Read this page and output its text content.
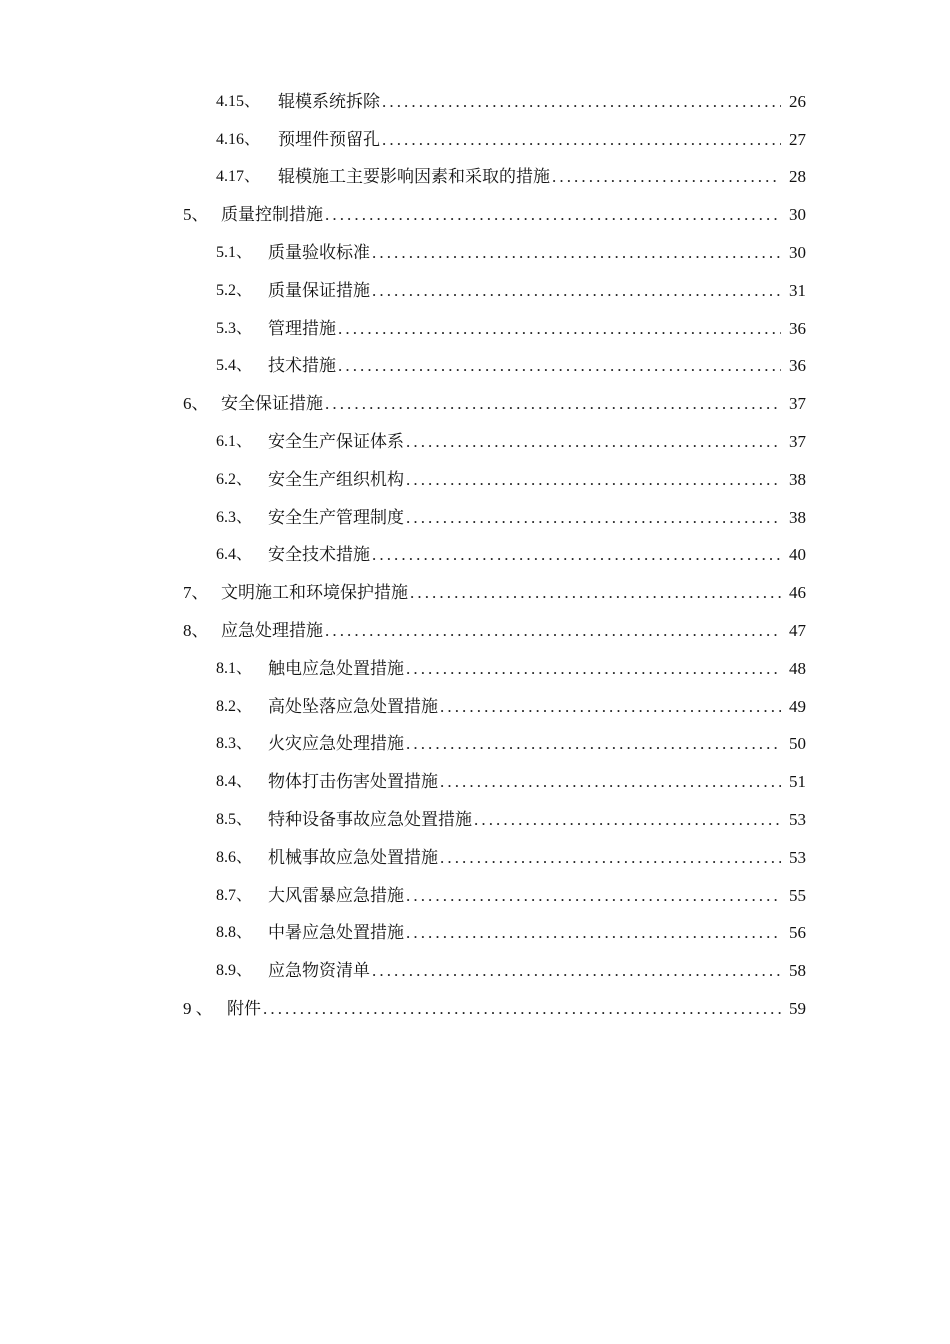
4.15、	辊模系统拆除 .....	26
4.16、	预埋件预留孔 .....	27
4.17、	辊模施工主要影响因素和采取的措施 .....	28
5、 质量控制措施 .....	30
5.1、 质量验收标准 .....	30
5.2、 质量保证措施 .....	31
5.3、 管理措施 .....	36
5.4、 技术措施 .....	36
6、 安全保证措施 .....	37
6.1、 安全生产保证体系 .....	37
6.2、 安全生产组织机构 .....	38
6.3、 安全生产管理制度 .....	38
6.4、 安全技术措施 .....	40
7、 文明施工和环境保护措施 .....	46
8、 应急处理措施 .....	47
8.1、 触电应急处置措施 .....	48
8.2、 高处坠落应急处置措施 .....	49
8.3、 火灾应急处理措施 .....	50
8.4、 物体打击伤害处置措施 .....	51
8.5、 特种设备事故应急处置措施 .....	53
8.6、 机械事故应急处置措施 .....	53
8.7、 大风雷暴应急措施 .....	55
8.8、 中暑应急处置措施 .....	56
8.9、 应急物资清单 .....	58
9 、 附件 .....	59
